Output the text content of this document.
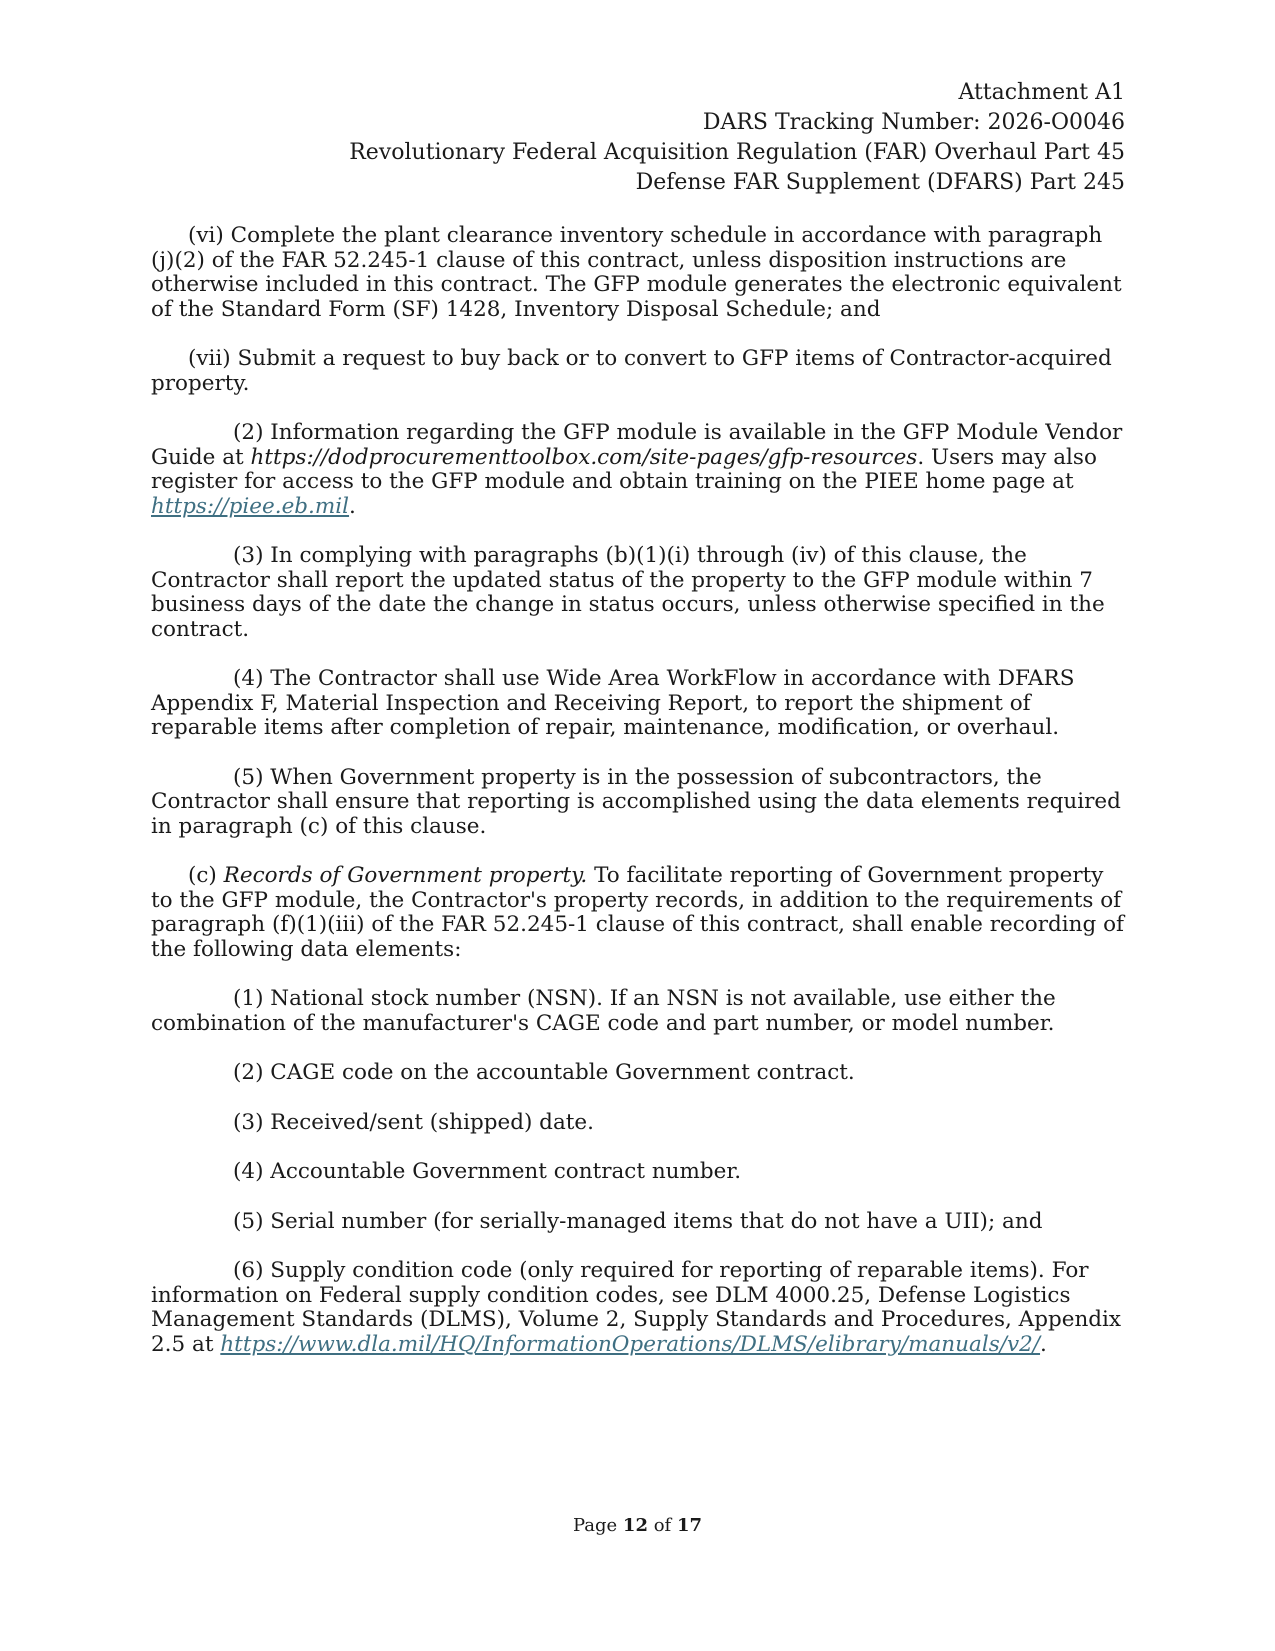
Attachment A1
DARS Tracking Number: 2026-O0046
Revolutionary Federal Acquisition Regulation (FAR) Overhaul Part 45
Defense FAR Supplement (DFARS) Part 245

(vi) Complete the plant clearance inventory schedule in accordance with paragraph (j)(2) of the FAR 52.245-1 clause of this contract, unless disposition instructions are otherwise included in this contract. The GFP module generates the electronic equivalent of the Standard Form (SF) 1428, Inventory Disposal Schedule; and

(vii) Submit a request to buy back or to convert to GFP items of Contractor-acquired property.

(2) Information regarding the GFP module is available in the GFP Module Vendor Guide at https://dodprocurementtoolbox.com/site-pages/gfp-resources. Users may also register for access to the GFP module and obtain training on the PIEE home page at https://piee.eb.mil.

(3) In complying with paragraphs (b)(1)(i) through (iv) of this clause, the Contractor shall report the updated status of the property to the GFP module within 7 business days of the date the change in status occurs, unless otherwise specified in the contract.

(4) The Contractor shall use Wide Area WorkFlow in accordance with DFARS Appendix F, Material Inspection and Receiving Report, to report the shipment of reparable items after completion of repair, maintenance, modification, or overhaul.

(5) When Government property is in the possession of subcontractors, the Contractor shall ensure that reporting is accomplished using the data elements required in paragraph (c) of this clause.

(c) Records of Government property. To facilitate reporting of Government property to the GFP module, the Contractor's property records, in addition to the requirements of paragraph (f)(1)(iii) of the FAR 52.245-1 clause of this contract, shall enable recording of the following data elements:

(1) National stock number (NSN). If an NSN is not available, use either the combination of the manufacturer's CAGE code and part number, or model number.

(2) CAGE code on the accountable Government contract.

(3) Received/sent (shipped) date.

(4) Accountable Government contract number.

(5) Serial number (for serially-managed items that do not have a UII); and

(6) Supply condition code (only required for reporting of reparable items). For information on Federal supply condition codes, see DLM 4000.25, Defense Logistics Management Standards (DLMS), Volume 2, Supply Standards and Procedures, Appendix 2.5 at https://www.dla.mil/HQ/InformationOperations/DLMS/elibrary/manuals/v2/.

Page 12 of 17
